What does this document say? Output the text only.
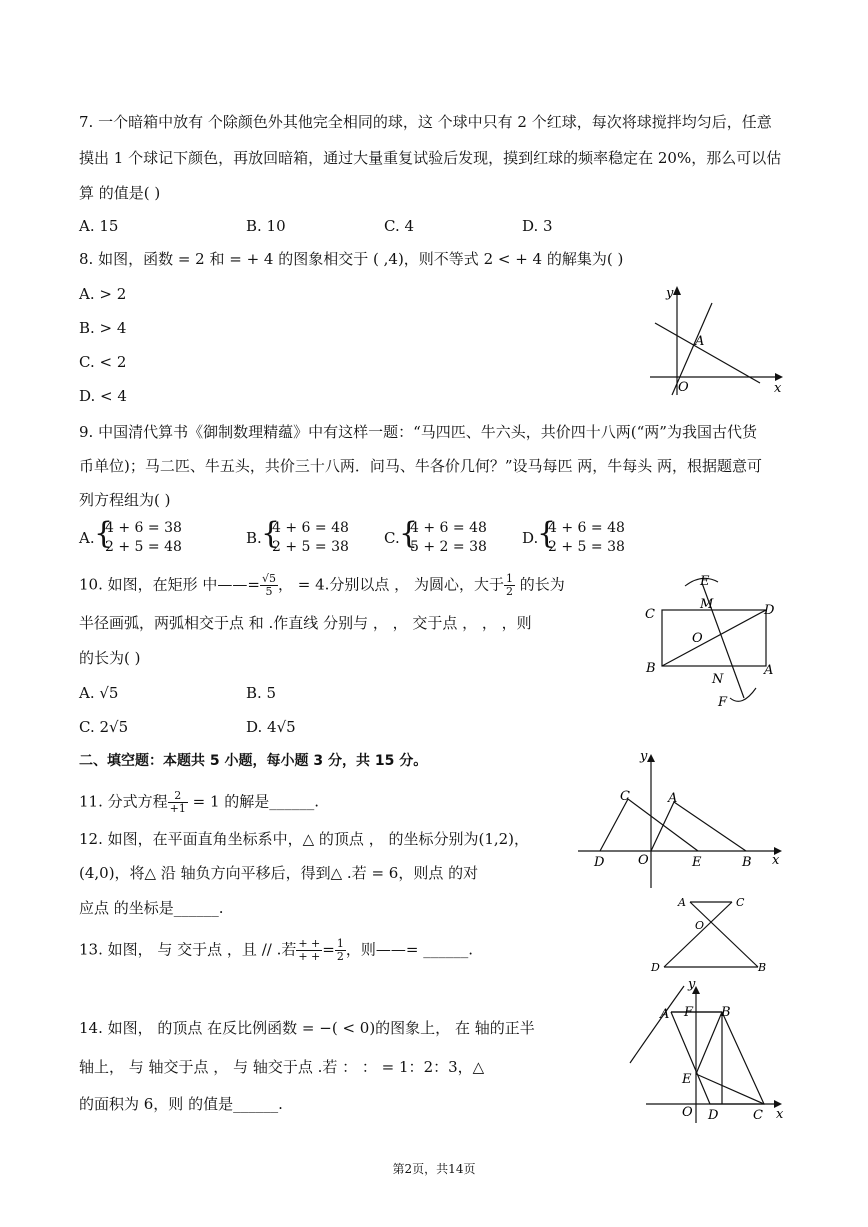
7. 一个暗箱中放有 个除颜色外其他完全相同的球，这 个球中只有 2 个红球，每次将球搅拌均匀后，任意
摸出 1 个球记下颜色，再放回暗箱，通过大量重复试验后发现，摸到红球的频率稳定在 20%，那么可以估
算 的值是( )
A. 15	B. 10	C. 4	D. 3
8. 如图，函数 = 2 和 = + 4 的图象相交于 ( ,4)，则不等式 2 < + 4 的解集为( )
A. > 2
B. > 4
C. < 2
D. < 4
y
A
O	x
9. 中国清代算书《御制数理精蕴》中有这样一题：“马四匹、牛六头，共价四十八两(“两”为我国古代货
币单位)；马二匹、牛五头，共价三十八两．问马、牛各价几何？”设马每匹 两，牛每头 两，根据题意可
列方程组为( )
A. {
4 + 6 = 38
2 + 5 = 48	B. {
4 + 6 = 48
2 + 5 = 38 C. {
4 + 6 = 48
5 + 2 = 38 D.
{
4 + 6 = 48
2 + 5 = 38
10. 如图，在矩形 中——= $\frac{√5}{5}$ ， = 4.分别以点 ， 为圆心，大于 $\frac{1}{2}$ 的长为
半径画弧，两弧相交于点 和 .作直线 分别与 ， ， 交于点 ， ， ，则
的长为( )
A. √5	B. 5
C. 2√5	D. 4√5
E
M
C	D
O
B	A
N
F
二、填空题：本题共 5 小题，每小题 3 分，共 15 分。
11. 分式方程 $\frac{2}{+1} = 1$ 的解是______.
12. 如图，在平面直角坐标系中，△ 的顶点 ， 的坐标分别为(1,2)，
(4,0)，将△ 沿 轴负方向平移后，得到△ .若 = 6，则点 的对
应点 的坐标是______.
y
C	A
D	O	E	B x
13. 如图， 与 交于点 ，且 // .若 $\frac{+ +}{+ +} = \frac{1}{2}$ ，则——= ______.
A	C
O
D	B
14. 如图， 的顶点 在反比例函数 = −( < 0)的图象上， 在 轴的正半
轴上， 与 轴交于点 ， 与 轴交于点 .若 ： ： = 1：2：3，△
的面积为 6，则 的值是______.
y
A F B
E
O D	C x
第2页，共14页
